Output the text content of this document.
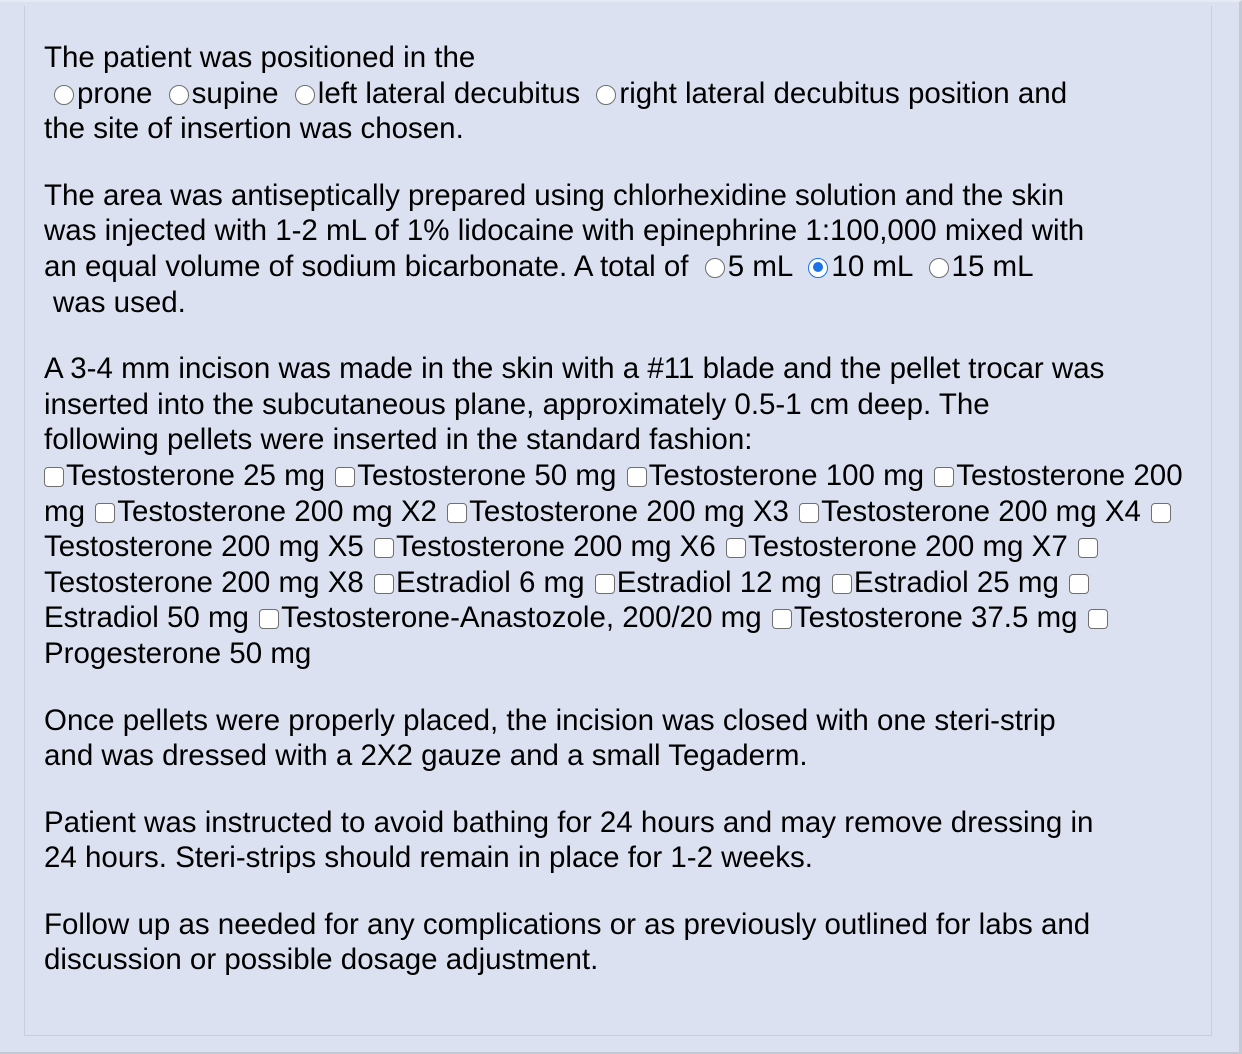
The patient was positioned in the
prone supine left lateral decubitus right lateral decubitus position and
the site of insertion was chosen.
The area was antiseptically prepared using chlorhexidine solution and the skin
was injected with 1-2 mL of 1% lidocaine with epinephrine 1:100,000 mixed with
an equal volume of sodium bicarbonate. A total of 5 mL 10 mL 15 mL
was used.
A 3-4 mm incison was made in the skin with a #11 blade and the pellet trocar was
inserted into the subcutaneous plane, approximately 0.5-1 cm deep. The
following pellets were inserted in the standard fashion:
Testosterone 25 mg Testosterone 50 mg Testosterone 100 mg Testosterone 200 mg Testosterone 200 mg X2 Testosterone 200 mg X3 Testosterone 200 mg X4 Testosterone 200 mg X5 Testosterone 200 mg X6 Testosterone 200 mg X7 Testosterone 200 mg X8 Estradiol 6 mg Estradiol 12 mg Estradiol 25 mg Estradiol 50 mg Testosterone-Anastozole, 200/20 mg Testosterone 37.5 mg Progesterone 50 mg
Once pellets were properly placed, the incision was closed with one steri-strip
and was dressed with a 2X2 gauze and a small Tegaderm.
Patient was instructed to avoid bathing for 24 hours and may remove dressing in
24 hours. Steri-strips should remain in place for 1-2 weeks.
Follow up as needed for any complications or as previously outlined for labs and
discussion or possible dosage adjustment.
